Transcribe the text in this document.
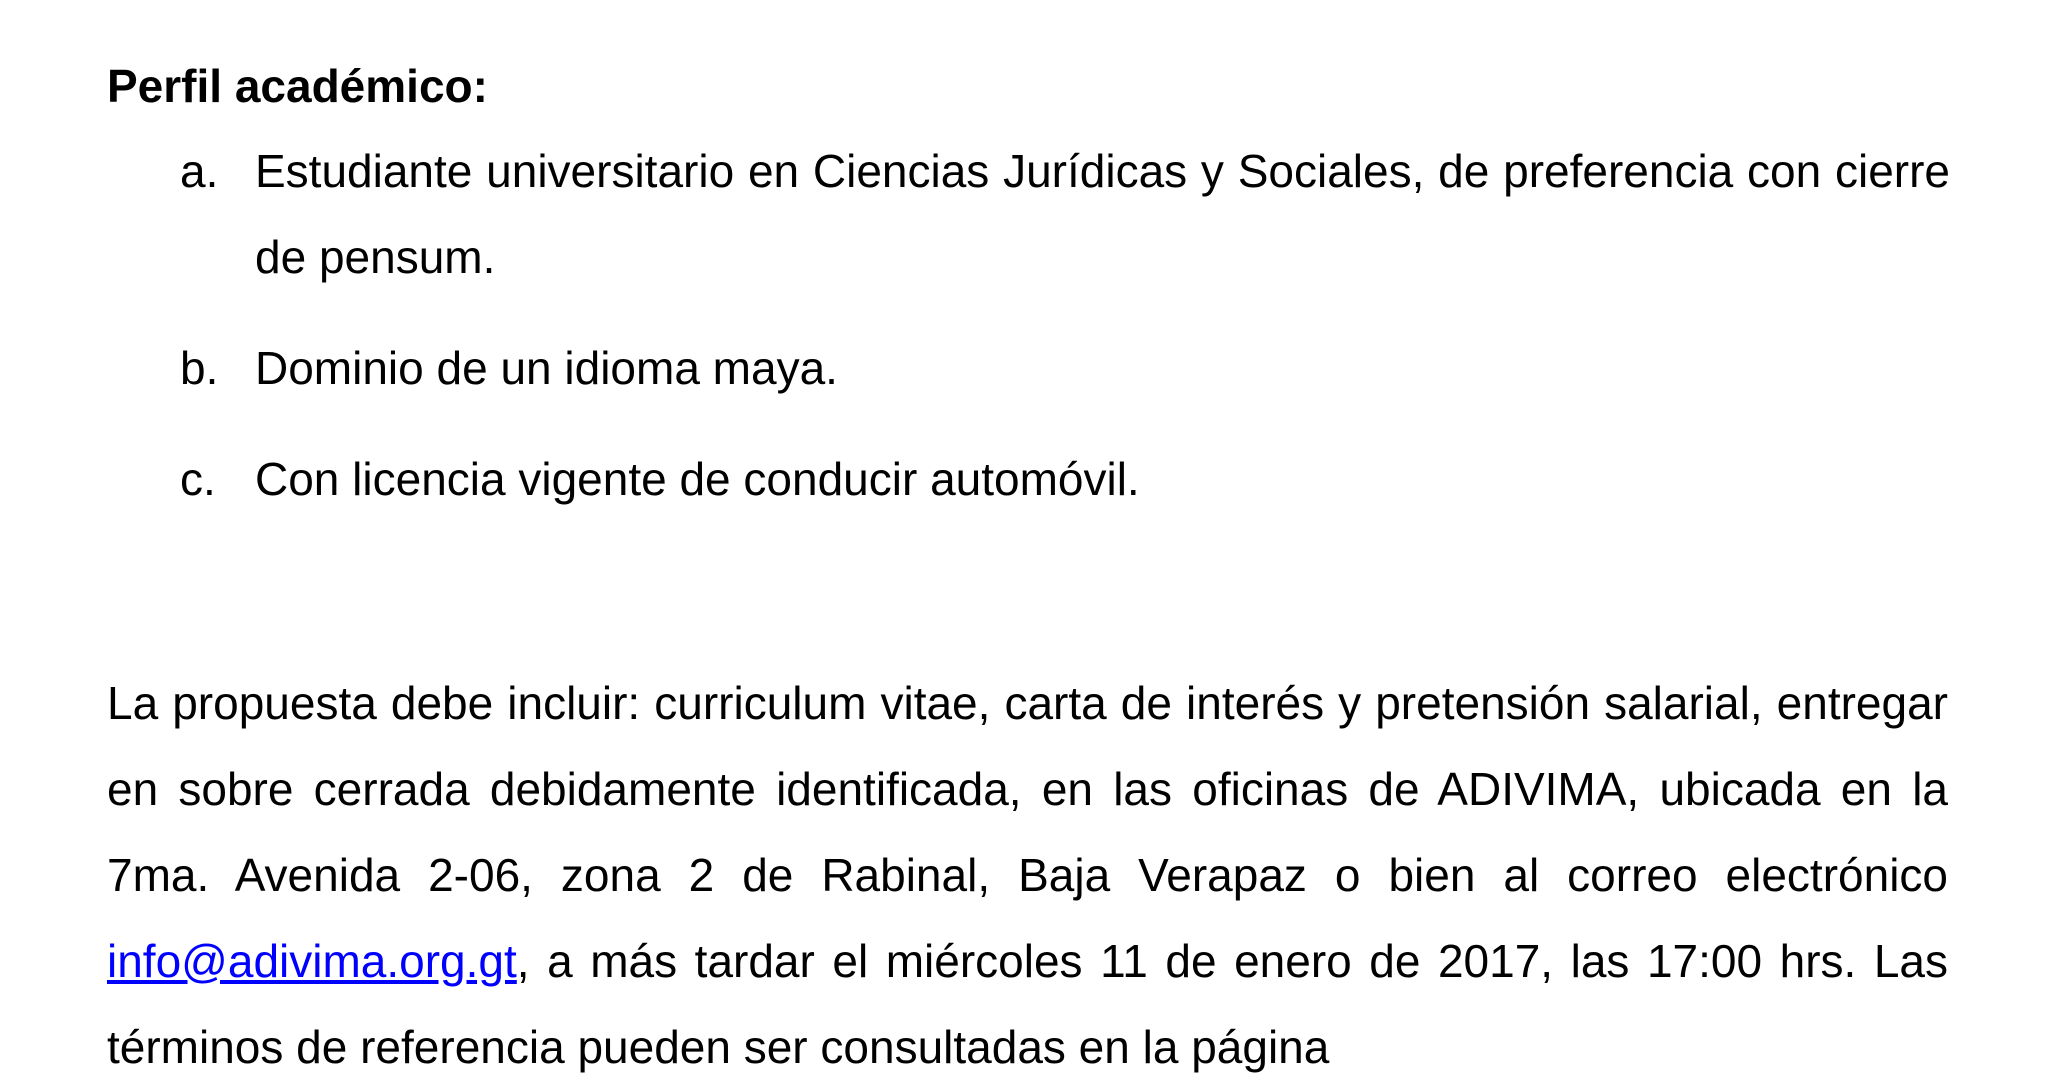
Perfil académico:
a. Estudiante universitario en Ciencias Jurídicas y Sociales, de preferencia con cierre de pensum.
b. Dominio de un idioma maya.
c. Con licencia vigente de conducir automóvil.
La propuesta debe incluir: curriculum vitae, carta de interés y pretensión salarial, entregar en sobre cerrada debidamente identificada, en las oficinas de ADIVIMA, ubicada en la 7ma. Avenida 2-06, zona 2 de Rabinal, Baja Verapaz o bien al correo electrónico info@adivima.org.gt, a más tardar el miércoles 11 de enero de 2017, las 17:00 hrs. Las términos de referencia pueden ser consultadas en la página
